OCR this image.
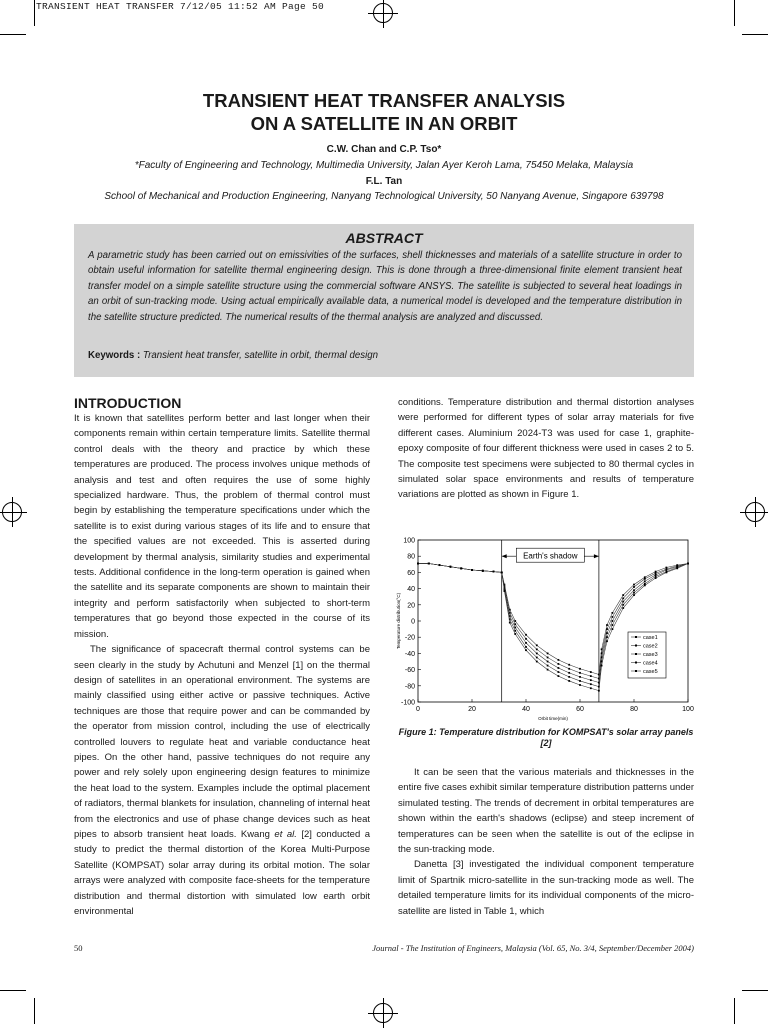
TRANSIENT HEAT TRANSFER 7/12/05 11:52 AM Page 50
TRANSIENT HEAT TRANSFER ANALYSIS
ON A SATELLITE IN AN ORBIT
C.W. Chan and C.P. Tso*
*Faculty of Engineering and Technology, Multimedia University, Jalan Ayer Keroh Lama, 75450 Melaka, Malaysia
F.L. Tan
School of Mechanical and Production Engineering, Nanyang Technological University, 50 Nanyang Avenue, Singapore 639798
ABSTRACT
A parametric study has been carried out on emissivities of the surfaces, shell thicknesses and materials of a satellite structure in order to obtain useful information for satellite thermal engineering design. This is done through a three-dimensional finite element transient heat transfer model on a simple satellite structure using the commercial software ANSYS. The satellite is subjected to several heat loadings in an orbit of sun-tracking mode. Using actual empirically available data, a numerical model is developed and the temperature distribution in the satellite structure predicted. The numerical results of the thermal analysis are analyzed and discussed.
Keywords : Transient heat transfer, satellite in orbit, thermal design
INTRODUCTION

It is known that satellites perform better and last longer when their components remain within certain temperature limits. Satellite thermal control deals with the theory and practice by which these temperatures are produced. The process involves unique methods of analysis and test and often requires the use of some highly specialized hardware. Thus, the problem of thermal control must begin by establishing the temperature specifications under which the satellite is to exist during various stages of its life and to ensure that the specified values are not exceeded. This is asserted during development by thermal analysis, similarity studies and experimental tests. Additional confidence in the long-term operation is gained when the satellite and its separate components are shown to maintain their integrity and perform satisfactorily when subjected to short-term temperatures that go beyond those expected in the course of its mission.

The significance of spacecraft thermal control systems can be seen clearly in the study by Achutuni and Menzel [1] on the thermal design of satellites in an operational environment. The systems are mainly classified using either active or passive techniques. Active techniques are those that require power and can be commanded by the operator from mission control, including the use of electrically controlled louvers to regulate heat and variable conductance heat pipes. On the other hand, passive techniques do not require any power and rely solely upon engineering design features to minimize the heat load to the system. Examples include the optimal placement of radiators, thermal blankets for insulation, channeling of internal heat from the electronics and use of phase change devices such as heat pipes to absorb transient heat loads. Kwang et al. [2] conducted a study to predict the thermal distortion of the Korea Multi-Purpose Satellite (KOMPSAT) solar array during its orbital motion. The solar arrays were analyzed with composite face-sheets for the temperature distribution and thermal distortion with simulated low earth orbit environmental

conditions. Temperature distribution and thermal distortion analyses were performed for different types of solar array materials for five different cases. Aluminium 2024-T3 was used for case 1, graphite-epoxy composite of four different thickness were used in cases 2 to 5. The composite test specimens were subjected to 80 thermal cycles in simulated solar space environments and results of temperature variations are plotted as shown in Figure 1.

Earth's shadow
0	20	40	60	80	100
100
80
60
40
20
0
-20
-40
-60
-80
-100
Orbit time(min)
Temperature distribution(°C)	case1
case2
case3
case4
case5
Figure 1: Temperature distribution for KOMPSAT's solar array panels [2]

It can be seen that the various materials and thicknesses in the entire five cases exhibit similar temperature distribution patterns under simulated testing. The trends of decrement in orbital temperatures are shown within the earth's shadows (eclipse) and steep increment of temperatures can be seen when the satellite is out of the eclipse in the sun-tracking mode.

Danetta [3] investigated the individual component temperature limit of Spartnik micro-satellite in the sun-tracking mode as well. The detailed temperature limits for its individual components of the micro-satellite are listed in Table 1, which

50	Journal - The Institution of Engineers, Malaysia (Vol. 65, No. 3/4, September/December 2004)
